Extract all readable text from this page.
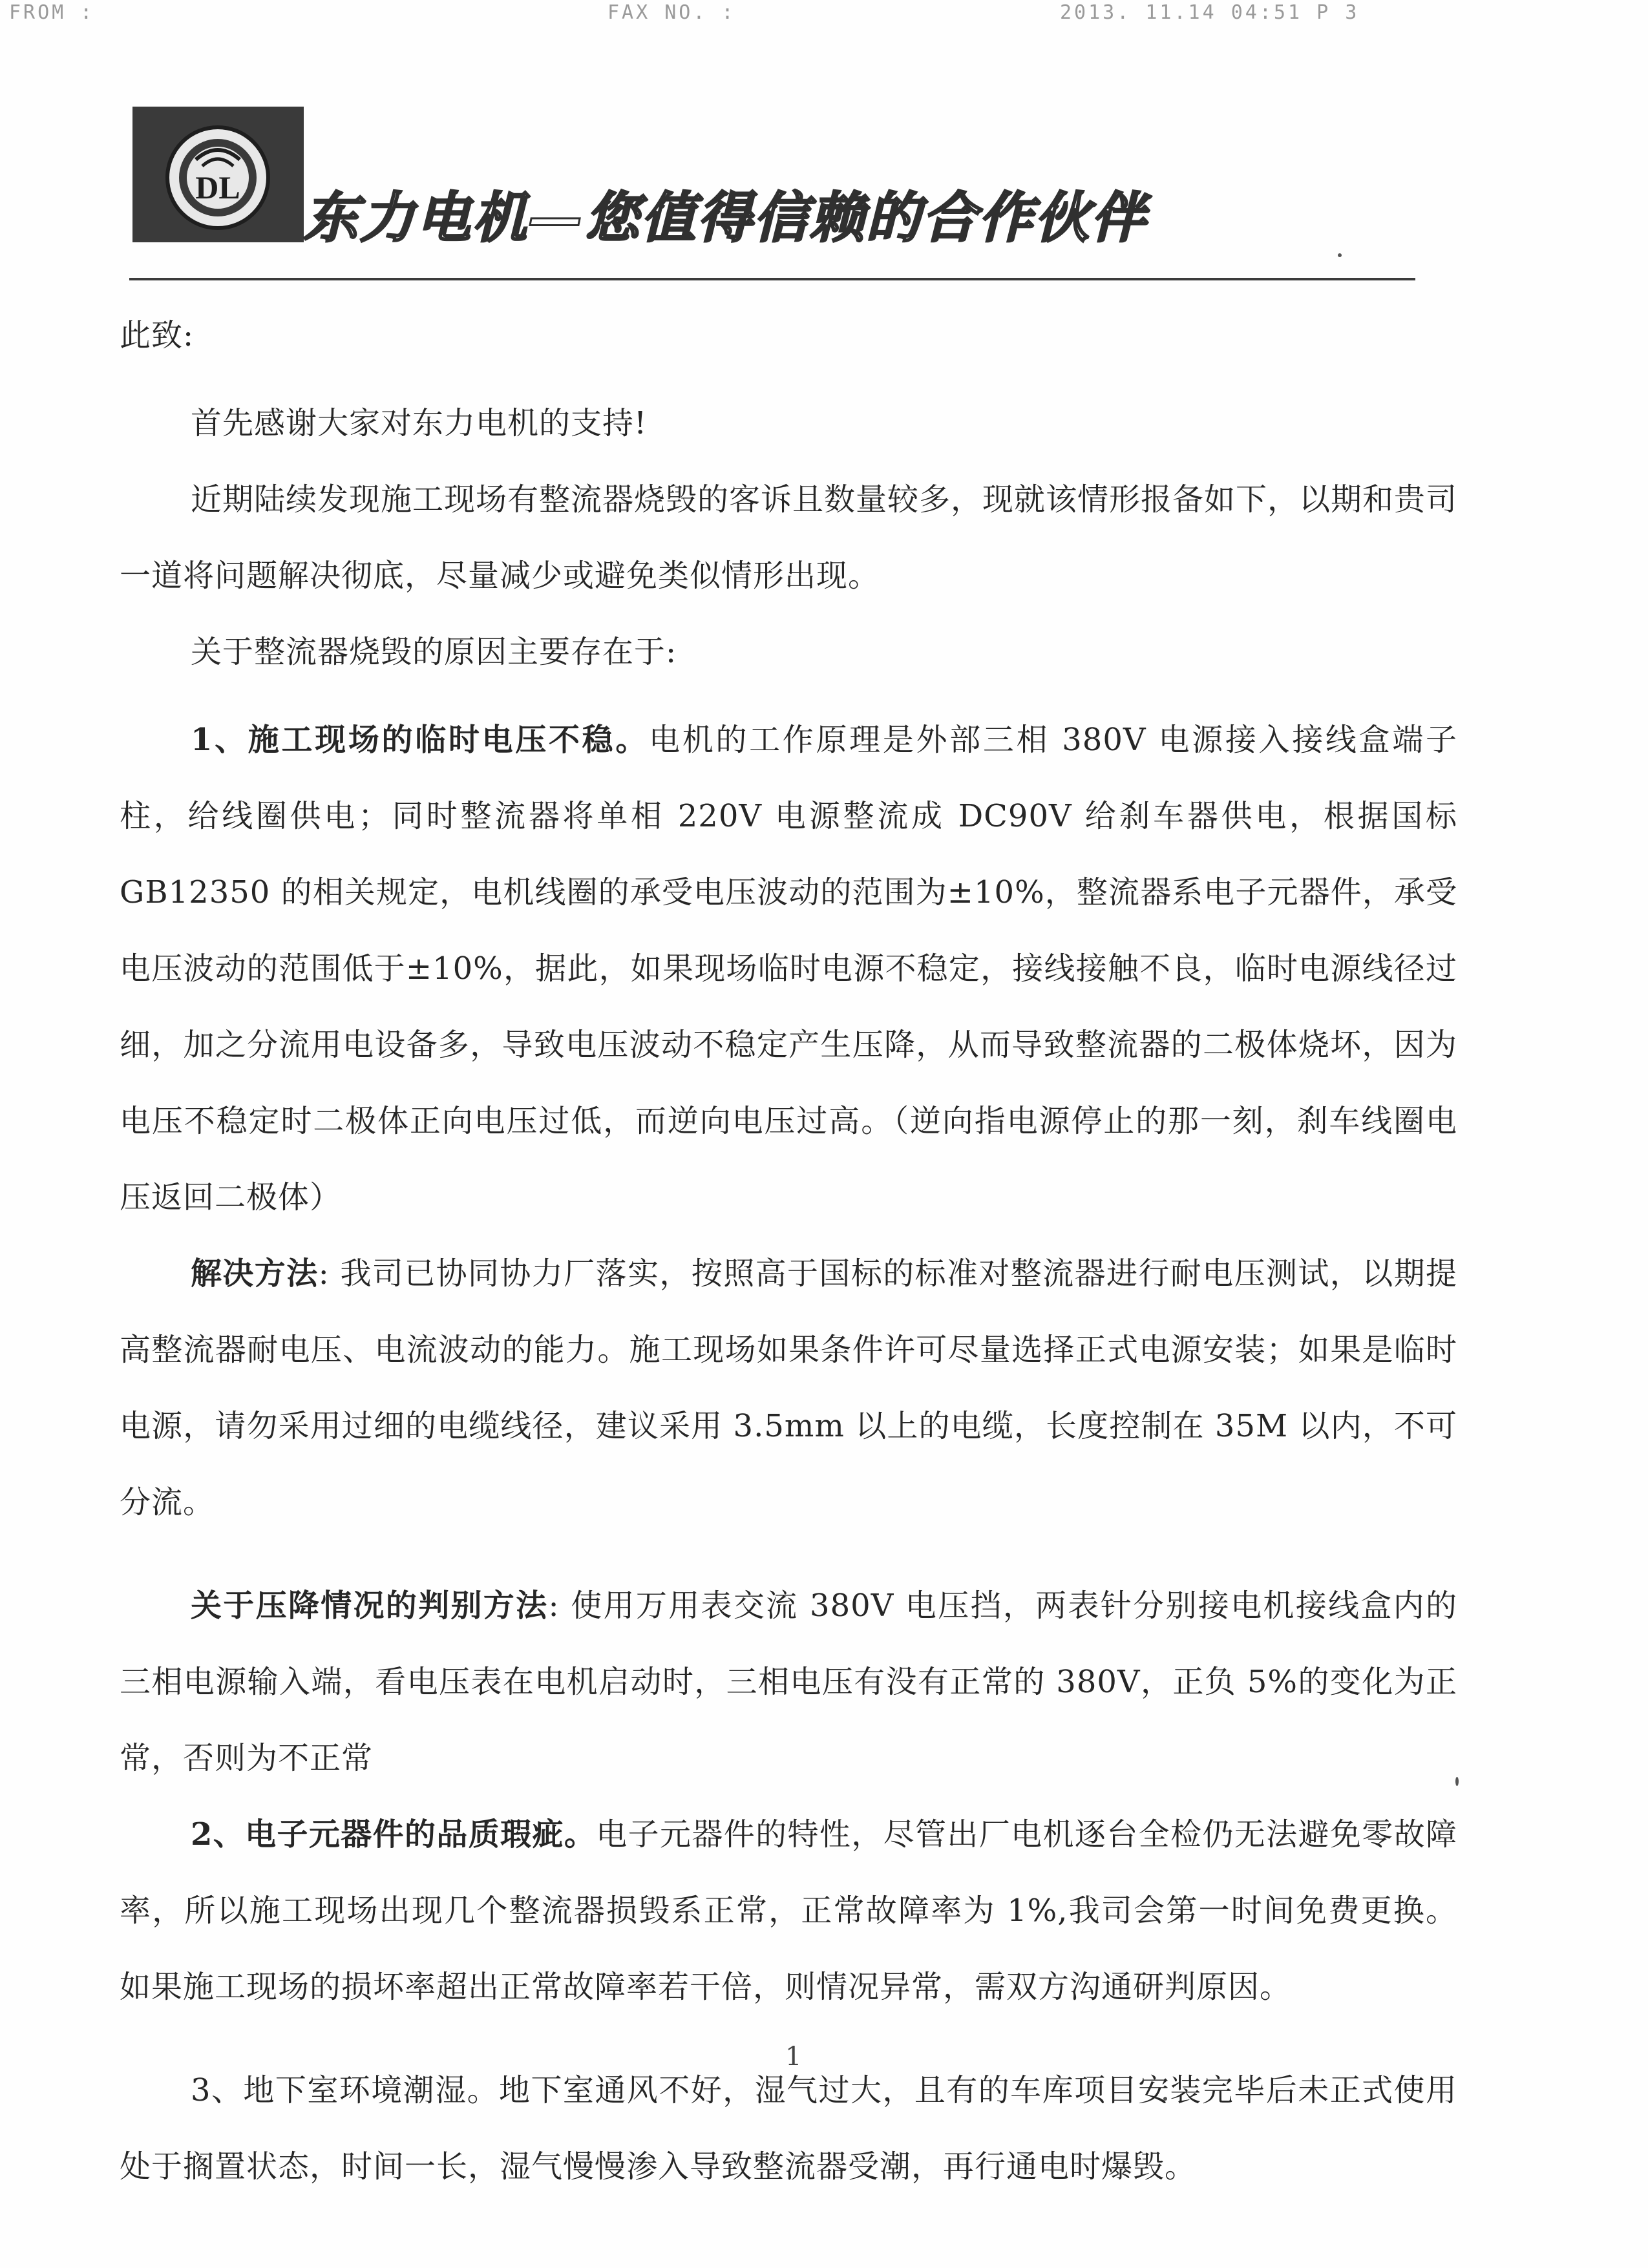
FROM :	FAX NO. :	2013. 11.14 04:51 P 3
DL 东力电机—您值得信赖的合作伙伴

此致:

首先感谢大家对东力电机的支持!

近期陆续发现施工现场有整流器烧毁的客诉且数量较多，现就该情形报备如下，以期和贵司一道将问题解决彻底，尽量减少或避免类似情形出现。

关于整流器烧毁的原因主要存在于:

1、施工现场的临时电压不稳。电机的工作原理是外部三相 380V 电源接入接线盒端子柱，给线圈供电；同时整流器将单相 220V 电源整流成 DC90V 给刹车器供电，根据国标 GB12350 的相关规定，电机线圈的承受电压波动的范围为±10%，整流器系电子元器件，承受电压波动的范围低于±10%，据此，如果现场临时电源不稳定，接线接触不良，临时电源线径过细，加之分流用电设备多，导致电压波动不稳定产生压降，从而导致整流器的二极体烧坏，因为电压不稳定时二极体正向电压过低，而逆向电压过高。（逆向指电源停止的那一刻，刹车线圈电压返回二极体）

解决方法: 我司已协同协力厂落实，按照高于国标的标准对整流器进行耐电压测试，以期提高整流器耐电压、电流波动的能力。施工现场如果条件许可尽量选择正式电源安装；如果是临时电源，请勿采用过细的电缆线径，建议采用 3.5mm 以上的电缆，长度控制在 35M 以内，不可分流。

关于压降情况的判别方法: 使用万用表交流 380V 电压挡，两表针分别接电机接线盒内的三相电源输入端，看电压表在电机启动时，三相电压有没有正常的 380V，正负 5%的变化为正常，否则为不正常

2、电子元器件的品质瑕疵。电子元器件的特性，尽管出厂电机逐台全检仍无法避免零故障率，所以施工现场出现几个整流器损毁系正常，正常故障率为 1%,我司会第一时间免费更换。如果施工现场的损坏率超出正常故障率若干倍，则情况异常，需双方沟通研判原因。

3、地下室环境潮湿。地下室通风不好，湿气过大，且有的车库项目安装完毕后未正式使用处于搁置状态，时间一长，湿气慢慢渗入导致整流器受潮，再行通电时爆毁。

1
